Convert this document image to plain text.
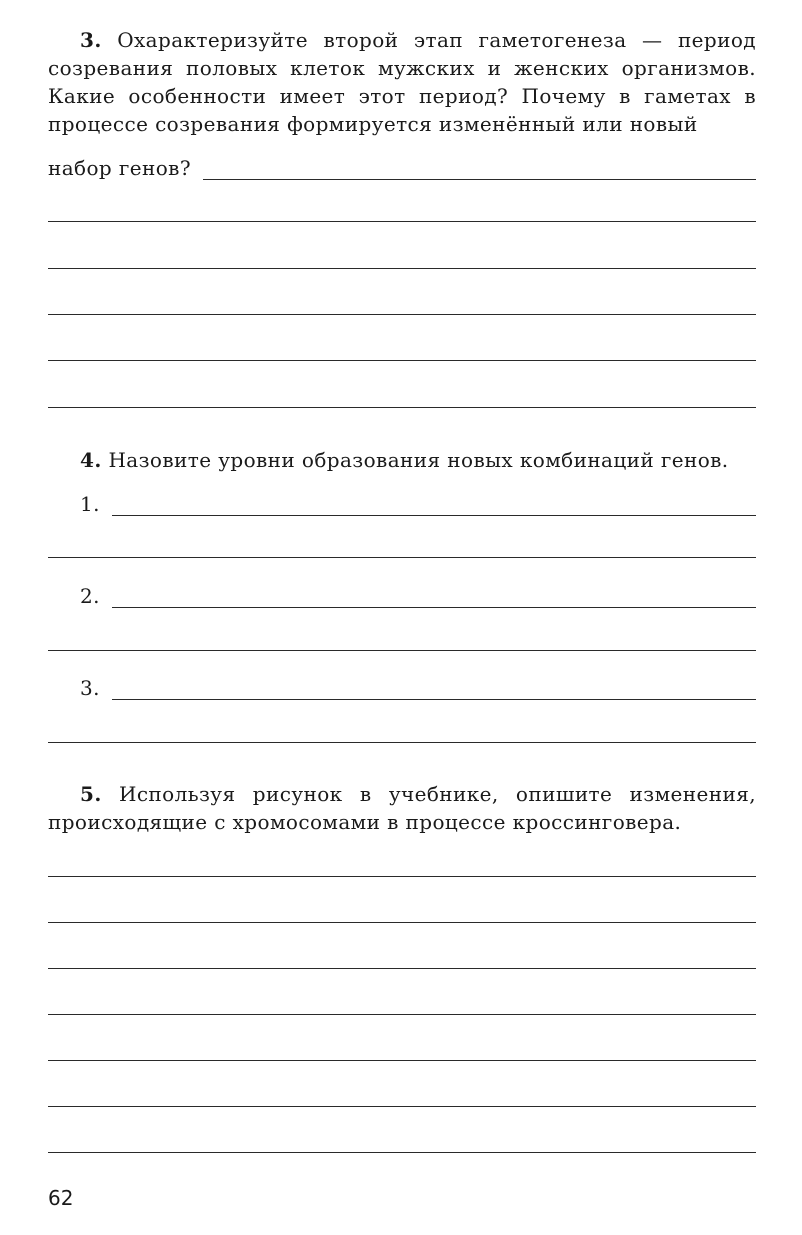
3. Охарактеризуйте второй этап гаметогенеза — период созревания половых клеток мужских и женских организмов. Какие особенности имеет этот период? Почему в гаметах в процессе созревания формируется изменённый или новый

набор генов?

4. Назовите уровни образования новых комбинаций генов.

1.
2.
3.

5. Используя рисунок в учебнике, опишите изменения, происходящие с хромосомами в процессе кроссинговера.

62
